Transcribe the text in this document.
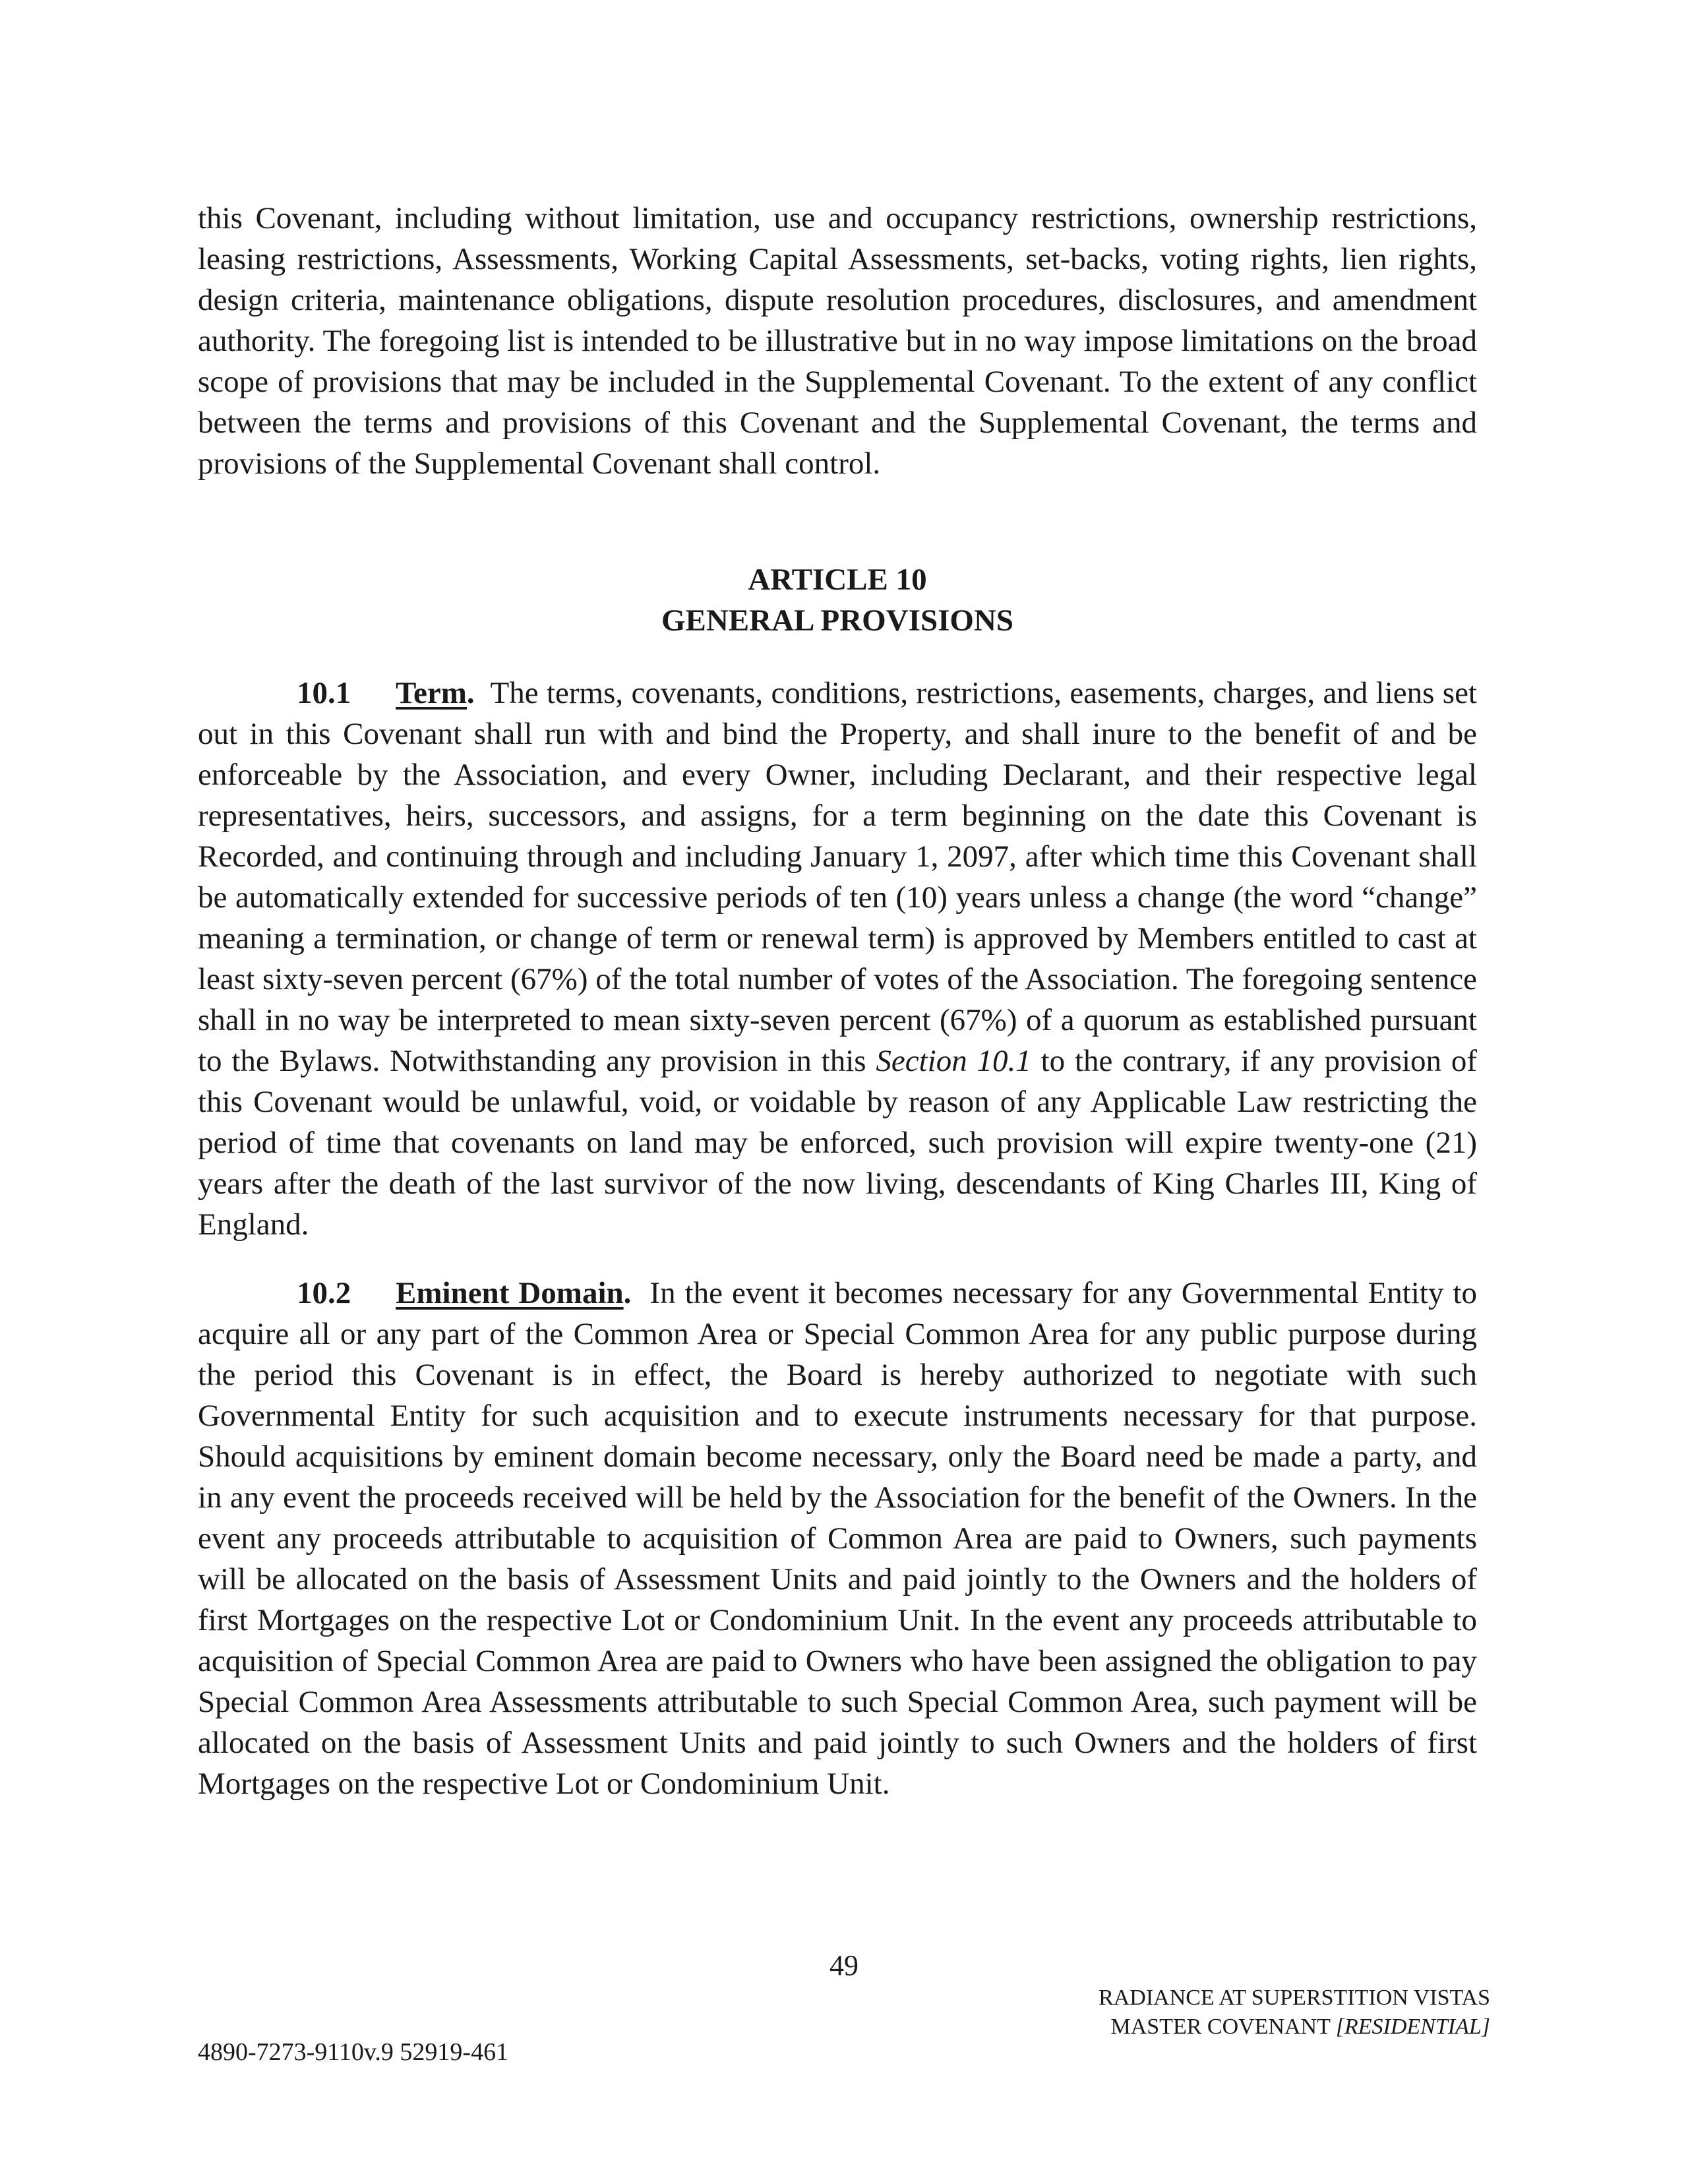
this Covenant, including without limitation, use and occupancy restrictions, ownership restrictions, leasing restrictions, Assessments, Working Capital Assessments, set-backs, voting rights, lien rights, design criteria, maintenance obligations, dispute resolution procedures, disclosures, and amendment authority. The foregoing list is intended to be illustrative but in no way impose limitations on the broad scope of provisions that may be included in the Supplemental Covenant. To the extent of any conflict between the terms and provisions of this Covenant and the Supplemental Covenant, the terms and provisions of the Supplemental Covenant shall control.

ARTICLE 10

GENERAL PROVISIONS

10.1 Term. The terms, covenants, conditions, restrictions, easements, charges, and liens set out in this Covenant shall run with and bind the Property, and shall inure to the benefit of and be enforceable by the Association, and every Owner, including Declarant, and their respective legal representatives, heirs, successors, and assigns, for a term beginning on the date this Covenant is Recorded, and continuing through and including January 1, 2097, after which time this Covenant shall be automatically extended for successive periods of ten (10) years unless a change (the word “change” meaning a termination, or change of term or renewal term) is approved by Members entitled to cast at least sixty-seven percent (67%) of the total number of votes of the Association. The foregoing sentence shall in no way be interpreted to mean sixty-seven percent (67%) of a quorum as established pursuant to the Bylaws. Notwithstanding any provision in this Section 10.1 to the contrary, if any provision of this Covenant would be unlawful, void, or voidable by reason of any Applicable Law restricting the period of time that covenants on land may be enforced, such provision will expire twenty-one (21) years after the death of the last survivor of the now living, descendants of King Charles III, King of England.

10.2 Eminent Domain. In the event it becomes necessary for any Governmental Entity to acquire all or any part of the Common Area or Special Common Area for any public purpose during the period this Covenant is in effect, the Board is hereby authorized to negotiate with such Governmental Entity for such acquisition and to execute instruments necessary for that purpose. Should acquisitions by eminent domain become necessary, only the Board need be made a party, and in any event the proceeds received will be held by the Association for the benefit of the Owners. In the event any proceeds attributable to acquisition of Common Area are paid to Owners, such payments will be allocated on the basis of Assessment Units and paid jointly to the Owners and the holders of first Mortgages on the respective Lot or Condominium Unit. In the event any proceeds attributable to acquisition of Special Common Area are paid to Owners who have been assigned the obligation to pay Special Common Area Assessments attributable to such Special Common Area, such payment will be allocated on the basis of Assessment Units and paid jointly to such Owners and the holders of first Mortgages on the respective Lot or Condominium Unit.

49

RADIANCE AT SUPERSTITION VISTAS
MASTER COVENANT [RESIDENTIAL]

4890-7273-9110v.9 52919-461
